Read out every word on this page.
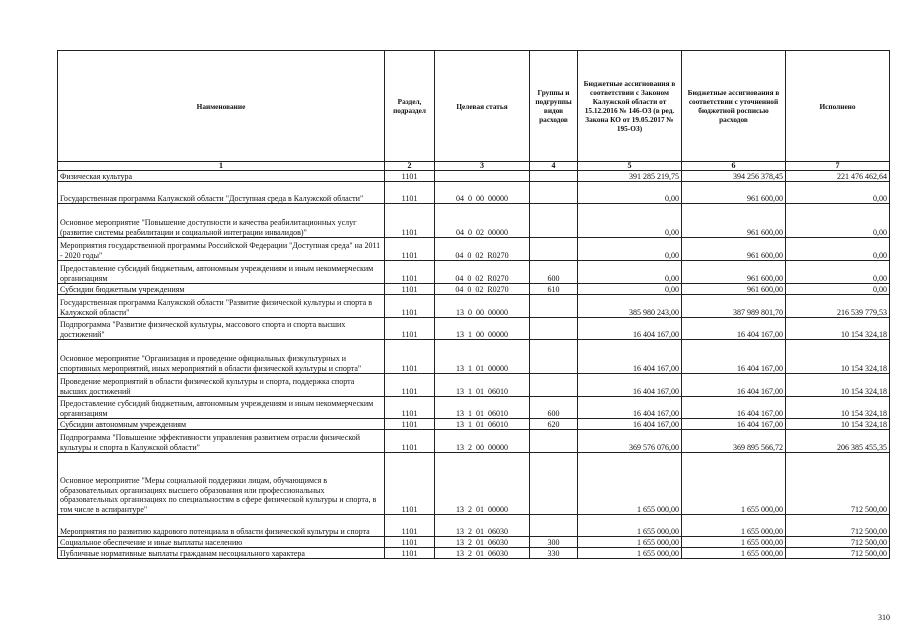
Наименование	Раздел, подраздел	Целевая статья	Группы и подгруппы видов расходов	Бюджетные ассигнования в соответствии с Законом Калужской области от 15.12.2016 № 146-ОЗ (в ред. Закона КО от 19.05.2017 № 195-ОЗ)	Бюджетные ассигнования в соответствии с уточненной бюджетной росписью расходов	Исполнено
1	2	3	4	5	6	7
Физическая культура	1101			391 285 219,75	394 256 378,45	221 476 462,64
Государственная программа Калужской области "Доступная среда в Калужской области"	1101	04  0  00  00000		0,00	961 600,00	0,00
Основное мероприятие "Повышение доступности и качества реабилитационных услуг (развитие системы реабилитации и социальной интеграции инвалидов)"	1101	04  0  02  00000		0,00	961 600,00	0,00
Мероприятия государственной программы Российской Федерации "Доступная среда" на 2011 - 2020 годы"	1101	04  0  02  R0270		0,00	961 600,00	0,00
Предоставление субсидий бюджетным, автономным учреждениям и иным некоммерческим организациям	1101	04  0  02  R0270	600	0,00	961 600,00	0,00
Субсидии бюджетным учреждениям	1101	04  0  02  R0270	610	0,00	961 600,00	0,00
Государственная программа Калужской области "Развитие физической культуры и спорта в Калужской области"	1101	13  0  00  00000		385 980 243,00	387 989 801,70	216 539 779,53
Подпрограмма "Развитие физической культуры, массового спорта и спорта высших достижений"	1101	13  1  00  00000		16 404 167,00	16 404 167,00	10 154 324,18
Основное мероприятие "Организация и проведение официальных физкультурных и спортивных мероприятий, иных мероприятий в области физической культуры и спорта"	1101	13  1  01  00000		16 404 167,00	16 404 167,00	10 154 324,18
Проведение мероприятий в области физической культуры и спорта, поддержка спорта высших достижений	1101	13  1  01  06010		16 404 167,00	16 404 167,00	10 154 324,18
Предоставление субсидий бюджетным, автономным учреждениям и иным некоммерческим организациям	1101	13  1  01  06010	600	16 404 167,00	16 404 167,00	10 154 324,18
Субсидии автономным учреждениям	1101	13  1  01  06010	620	16 404 167,00	16 404 167,00	10 154 324,18
Подпрограмма "Повышение эффективности управления развитием отрасли физической культуры и спорта в Калужской области"	1101	13  2  00  00000		369 576 076,00	369 895 566,72	206 385 455,35
Основное мероприятие "Меры социальной поддержки лицам, обучающимся в образовательных организациях высшего образования или профессиональных образовательных организациях по специальностям в сфере физической культуры и спорта, в том числе в аспирантуре"	1101	13  2  01  00000		1 655 000,00	1 655 000,00	712 500,00
Мероприятия по развитию кадрового потенциала в области физической культуры и спорта	1101	13  2  01  06030		1 655 000,00	1 655 000,00	712 500,00
Социальное обеспечение и иные выплаты населению	1101	13  2  01  06030	300	1 655 000,00	1 655 000,00	712 500,00
Публичные нормативные выплаты гражданам несоциального характера	1101	13  2  01  06030	330	1 655 000,00	1 655 000,00	712 500,00
310
